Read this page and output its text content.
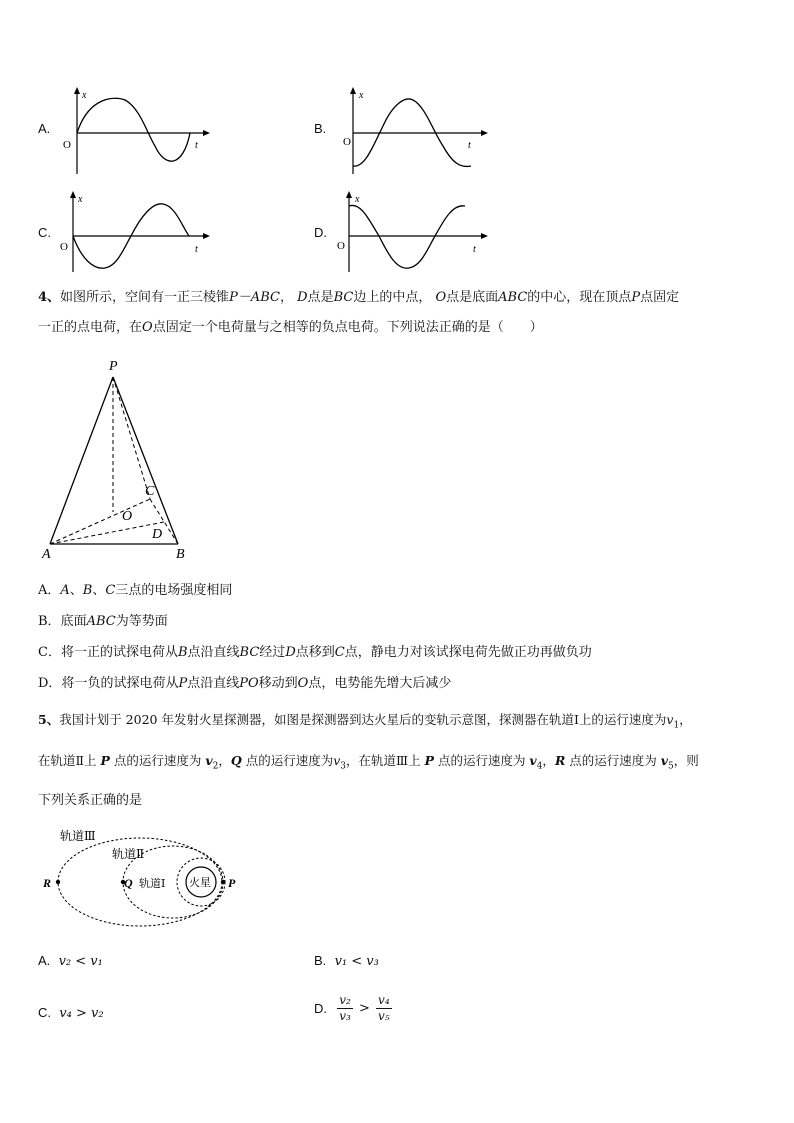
A.	B.
C.	D.
x
t
O
x
t
O
x
t
O
x
t
O
4、如图所示，空间有一正三棱锥P－ABC， D点是BC边上的中点， O点是底面ABC的中心，现在顶点P点固定
一正的点电荷，在O点固定一个电荷量与之相等的负点电荷。下列说法正确的是（　　）
P
A	B
C
O
D
A．A、B、C三点的电场强度相同
B．底面ABC为等势面
C．将一正的试探电荷从B点沿直线BC经过D点移到C点，静电力对该试探电荷先做正功再做负功
D．将一负的试探电荷从P点沿直线PO移动到O点，电势能先增大后减少
5、我国计划于 2020 年发射火星探测器，如图是探测器到达火星后的变轨示意图，探测器在轨道Ⅰ上的运行速度为$v_1$，
在轨道Ⅱ上 P 点的运行速度为 $v_2$，Q 点的运行速度为$v_3$，在轨道Ⅲ上 P 点的运行速度为 $v_4$，R 点的运行速度为 $v_5$，则
下列关系正确的是
轨道Ⅲ
轨道Ⅱ
轨道Ⅰ 火星
R	Q	P
A. v₂ < v₁	B. v₁ < v₃
C. v₄ > v₂	D. $\frac{\text{v₂}}{\text{v₃}} > \frac{\text{v₄}}{\text{v₅}}$
